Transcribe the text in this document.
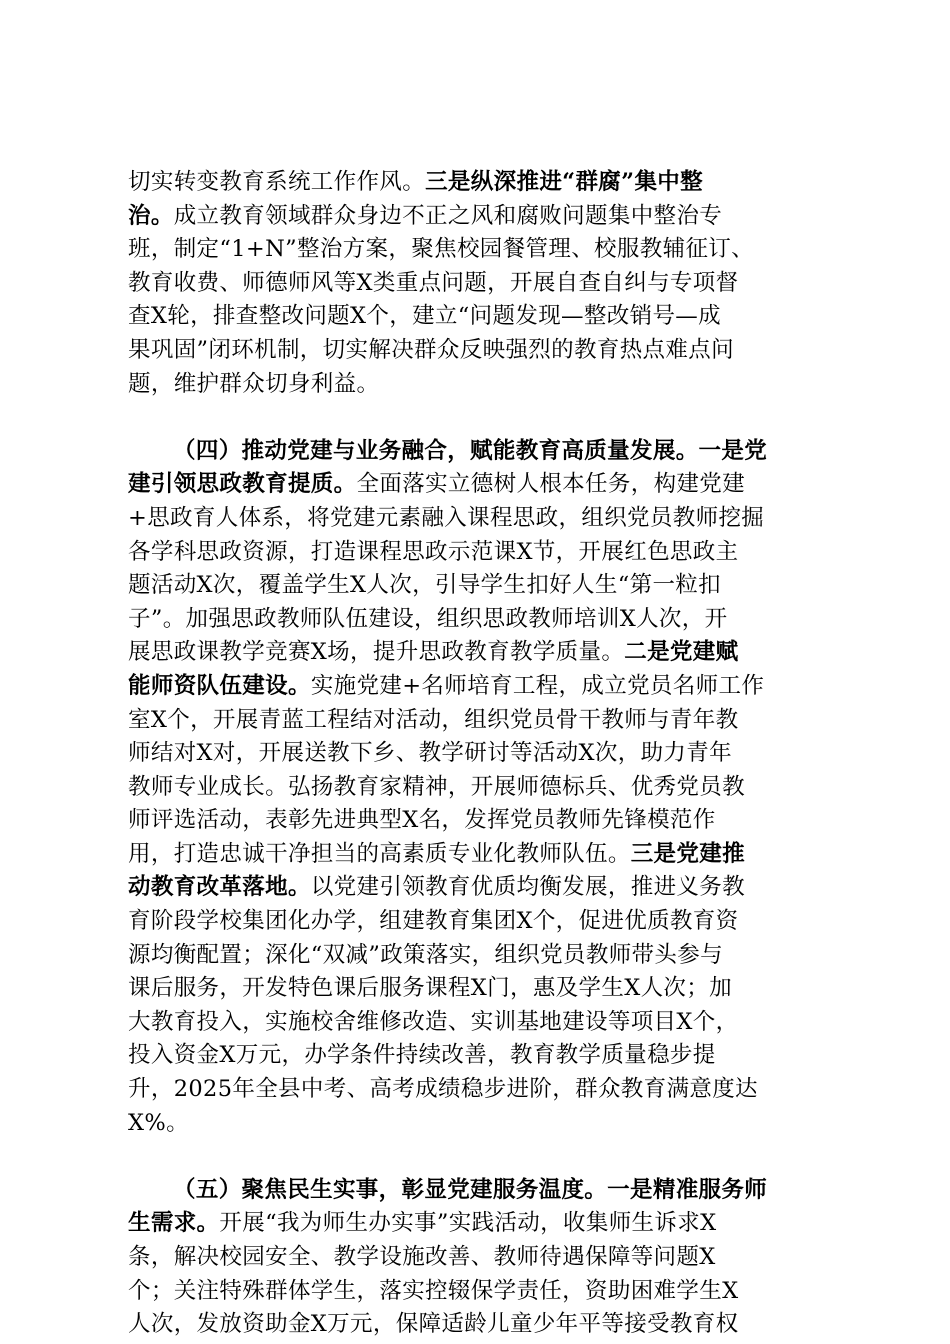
切实转变教育系统工作作风。三是纵深推进“群腐”集中整
治。成立教育领域群众身边不正之风和腐败问题集中整治专
班，制定“1+N”整治方案，聚焦校园餐管理、校服教辅征订、
教育收费、师德师风等X类重点问题，开展自查自纠与专项督
查X轮，排查整改问题X个，建立“问题发现—整改销号—成
果巩固”闭环机制，切实解决群众反映强烈的教育热点难点问
题，维护群众切身利益。
（四）推动党建与业务融合，赋能教育高质量发展。一是党
建引领思政教育提质。全面落实立德树人根本任务，构建党建
+思政育人体系，将党建元素融入课程思政，组织党员教师挖掘
各学科思政资源，打造课程思政示范课X节，开展红色思政主
题活动X次，覆盖学生X人次，引导学生扣好人生“第一粒扣
子”。加强思政教师队伍建设，组织思政教师培训X人次，开
展思政课教学竞赛X场，提升思政教育教学质量。二是党建赋
能师资队伍建设。实施党建+名师培育工程，成立党员名师工作
室X个，开展青蓝工程结对活动，组织党员骨干教师与青年教
师结对X对，开展送教下乡、教学研讨等活动X次，助力青年
教师专业成长。弘扬教育家精神，开展师德标兵、优秀党员教
师评选活动，表彰先进典型X名，发挥党员教师先锋模范作
用，打造忠诚干净担当的高素质专业化教师队伍。三是党建推
动教育改革落地。以党建引领教育优质均衡发展，推进义务教
育阶段学校集团化办学，组建教育集团X个，促进优质教育资
源均衡配置；深化“双减”政策落实，组织党员教师带头参与
课后服务，开发特色课后服务课程X门，惠及学生X人次；加
大教育投入，实施校舍维修改造、实训基地建设等项目X个，
投入资金X万元，办学条件持续改善，教育教学质量稳步提
升，2025年全县中考、高考成绩稳步进阶，群众教育满意度达
X%。
（五）聚焦民生实事，彰显党建服务温度。一是精准服务师
生需求。开展“我为师生办实事”实践活动，收集师生诉求X
条，解决校园安全、教学设施改善、教师待遇保障等问题X
个；关注特殊群体学生，落实控辍保学责任，资助困难学生X
人次，发放资助金X万元，保障适龄儿童少年平等接受教育权
